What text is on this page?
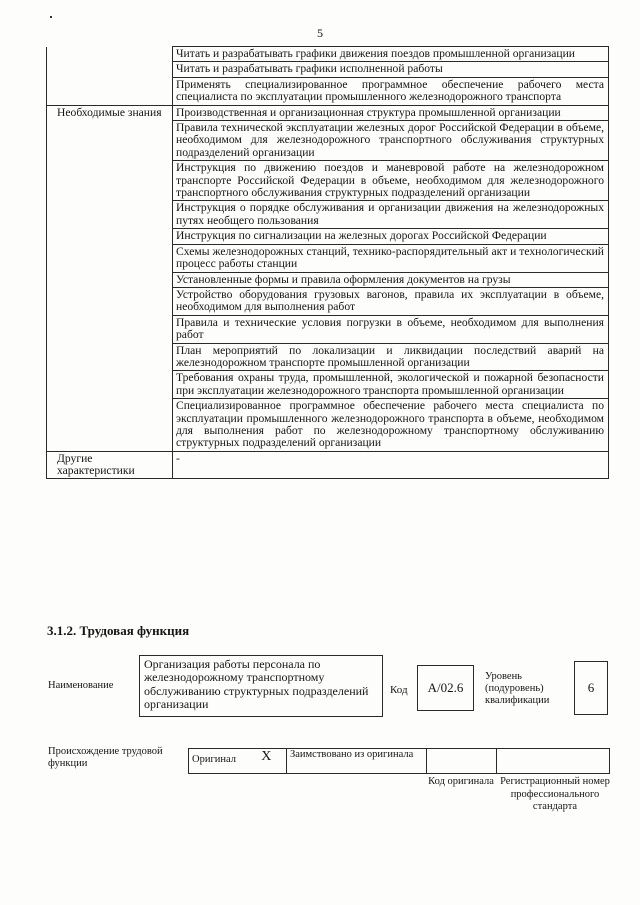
5

	Читать и разрабатывать графики движения поездов промышленной организации

	Читать и разрабатывать графики исполненной работы

	Применять специализированное программное обеспечение рабочего места специалиста по эксплуатации промышленного железнодорожного транспорта

Необходимые знания	Производственная и организационная структура промышленной организации

	Правила технической эксплуатации железных дорог Российской Федерации в объеме, необходимом для железнодорожного транспортного обслуживания структурных подразделений организации

	Инструкция по движению поездов и маневровой работе на железнодорожном транспорте Российской Федерации в объеме, необходимом для железнодорожного транспортного обслуживания структурных подразделений организации

	Инструкция о порядке обслуживания и организации движения на железнодорожных путях необщего пользования

	Инструкция по сигнализации на железных дорогах Российской Федерации

	Схемы железнодорожных станций, технико-распорядительный акт и технологический процесс работы станции

	Установленные формы и правила оформления документов на грузы

	Устройство оборудования грузовых вагонов, правила их эксплуатации в объеме, необходимом для выполнения работ

	Правила и технические условия погрузки в объеме, необходимом для выполнения работ

	План мероприятий по локализации и ликвидации последствий аварий на железнодорожном транспорте промышленной организации

	Требования охраны труда, промышленной, экологической и пожарной безопасности при эксплуатации железнодорожного транспорта промышленной организации

	Специализированное программное обеспечение рабочего места специалиста по эксплуатации промышленного железнодорожного транспорта в объеме, необходимом для выполнения работ по железнодорожному транспортному обслуживанию структурных подразделений организации

Другие характеристики	-
3.1.2. Трудовая функция
Наименование
Организация работы персонала по железнодорожному транспортному обслуживанию структурных подразделений организации
Код	А/02.6
Уровень (подуровень) квалификации
6
Происхождение трудовой функции	Оригинал	X	Заимствовано из оригинала		
Код оригинала Регистрационный номер профессионального стандарта
